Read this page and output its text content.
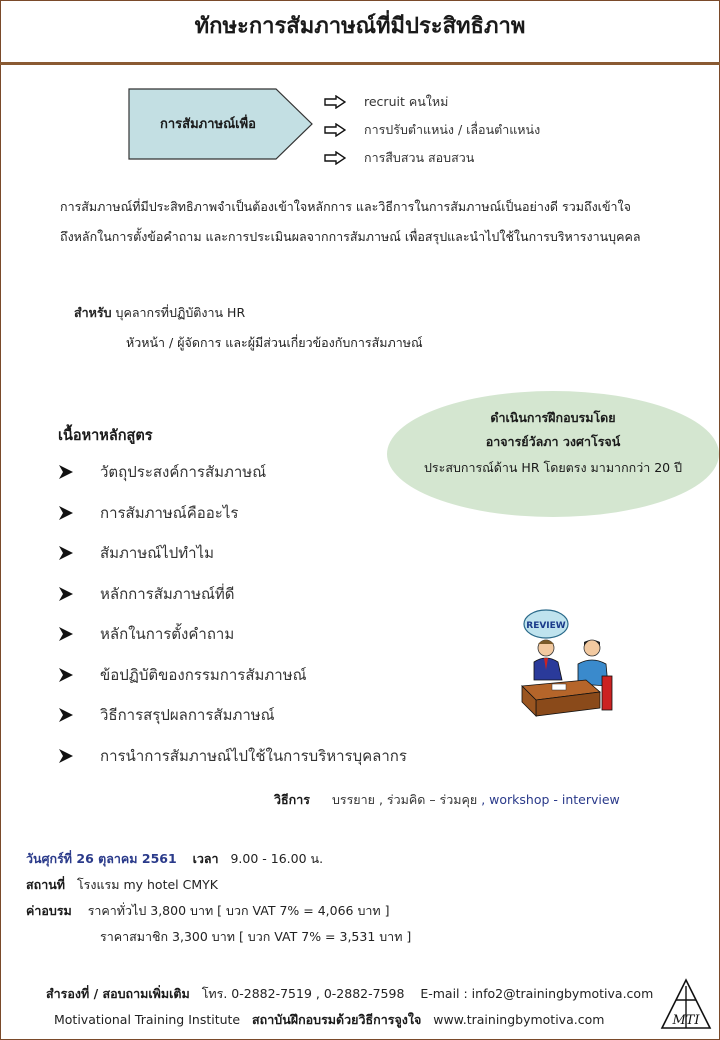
ทักษะการสัมภาษณ์ที่มีประสิทธิภาพ
การสัมภาษณ์เพื่อ
recruit คนใหม่
การปรับตำแหน่ง / เลื่อนตำแหน่ง
การสืบสวน สอบสวน
การสัมภาษณ์ที่มีประสิทธิภาพจำเป็นต้องเข้าใจหลักการ และวิธีการในการสัมภาษณ์เป็นอย่างดี รวมถึงเข้าใจ
ถึงหลักในการตั้งข้อคำถาม และการประเมินผลจากการสัมภาษณ์ เพื่อสรุปและนำไปใช้ในการบริหารงานบุคคล
สำหรับ บุคลากรที่ปฏิบัติงาน HR
หัวหน้า / ผู้จัดการ และผู้มีส่วนเกี่ยวข้องกับการสัมภาษณ์
ดำเนินการฝึกอบรมโดย
อาจารย์วัลภา วงศาโรจน์
ประสบการณ์ด้าน HR โดยตรง มามากกว่า 20 ปี
เนื้อหาหลักสูตร
วัตถุประสงค์การสัมภาษณ์
การสัมภาษณ์คืออะไร
สัมภาษณ์ไปทำไม
หลักการสัมภาษณ์ที่ดี
หลักในการตั้งคำถาม
ข้อปฏิบัติของกรรมการสัมภาษณ์
วิธีการสรุปผลการสัมภาษณ์
การนำการสัมภาษณ์ไปใช้ในการบริหารบุคลากร
REVIEW
วิธีการ บรรยาย , ร่วมคิด – ร่วมคุย , workshop - interview
วันศุกร์ที่ 26 ตุลาคม 2561 เวลา 9.00 - 16.00 น.
สถานที่ โรงแรม my hotel CMYK
ค่าอบรม ราคาทั่วไป 3,800 บาท [ บวก VAT 7% = 4,066 บาท ]
ราคาสมาชิก 3,300 บาท [ บวก VAT 7% = 3,531 บาท ]
สำรองที่ / สอบถามเพิ่มเติม โทร. 0-2882-7519 , 0-2882-7598 E-mail : info2@trainingbymotiva.com
Motivational Training Institute สถาบันฝึกอบรมด้วยวิธีการจูงใจ www.trainingbymotiva.com	MTI
